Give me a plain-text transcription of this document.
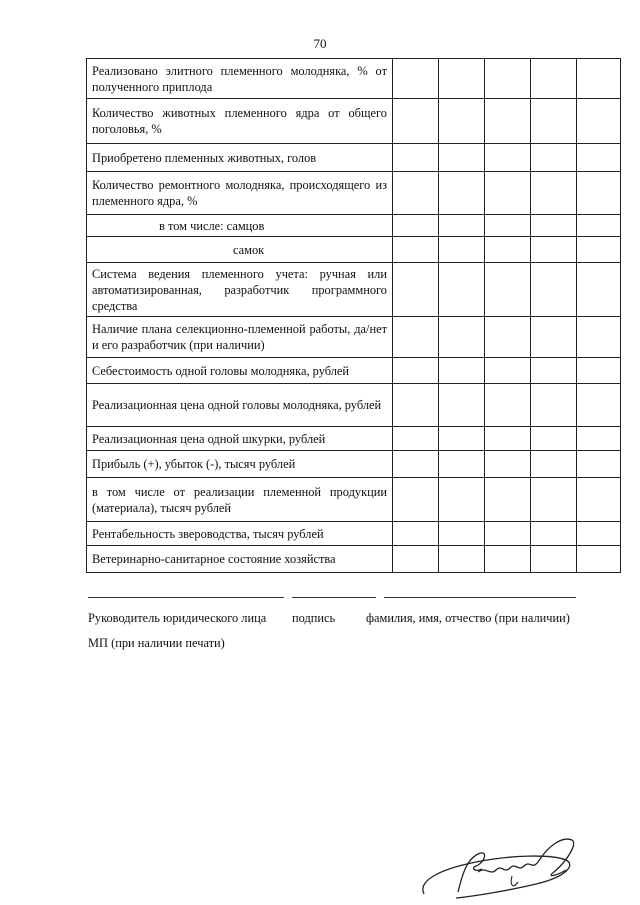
70
Реализовано элитного племенного молодняка, % от полученного приплода					
Количество животных племенного ядра от общего поголовья, %					
Приобретено племенных животных, голов					
Количество ремонтного молодняка, происходящего из племенного ядра, %					
в том числе: самцов					
самок					
Система ведения племенного учета: ручная или автоматизированная, разработчик программного средства					
Наличие плана селекционно-племенной работы, да/нет и его разработчик (при наличии)					
Себестоимость одной головы молодняка, рублей					
Реализационная цена одной головы молодняка, рублей					
Реализационная цена одной шкурки, рублей					
Прибыль (+), убыток (-), тысяч рублей					
в том числе от реализации племенной продукции (материала), тысяч рублей					
Рентабельность звероводства, тысяч рублей					
Ветеринарно-санитарное состояние хозяйства					
Руководитель юридического лица подпись фамилия, имя, отчество (при наличии)
МП (при наличии печати)
